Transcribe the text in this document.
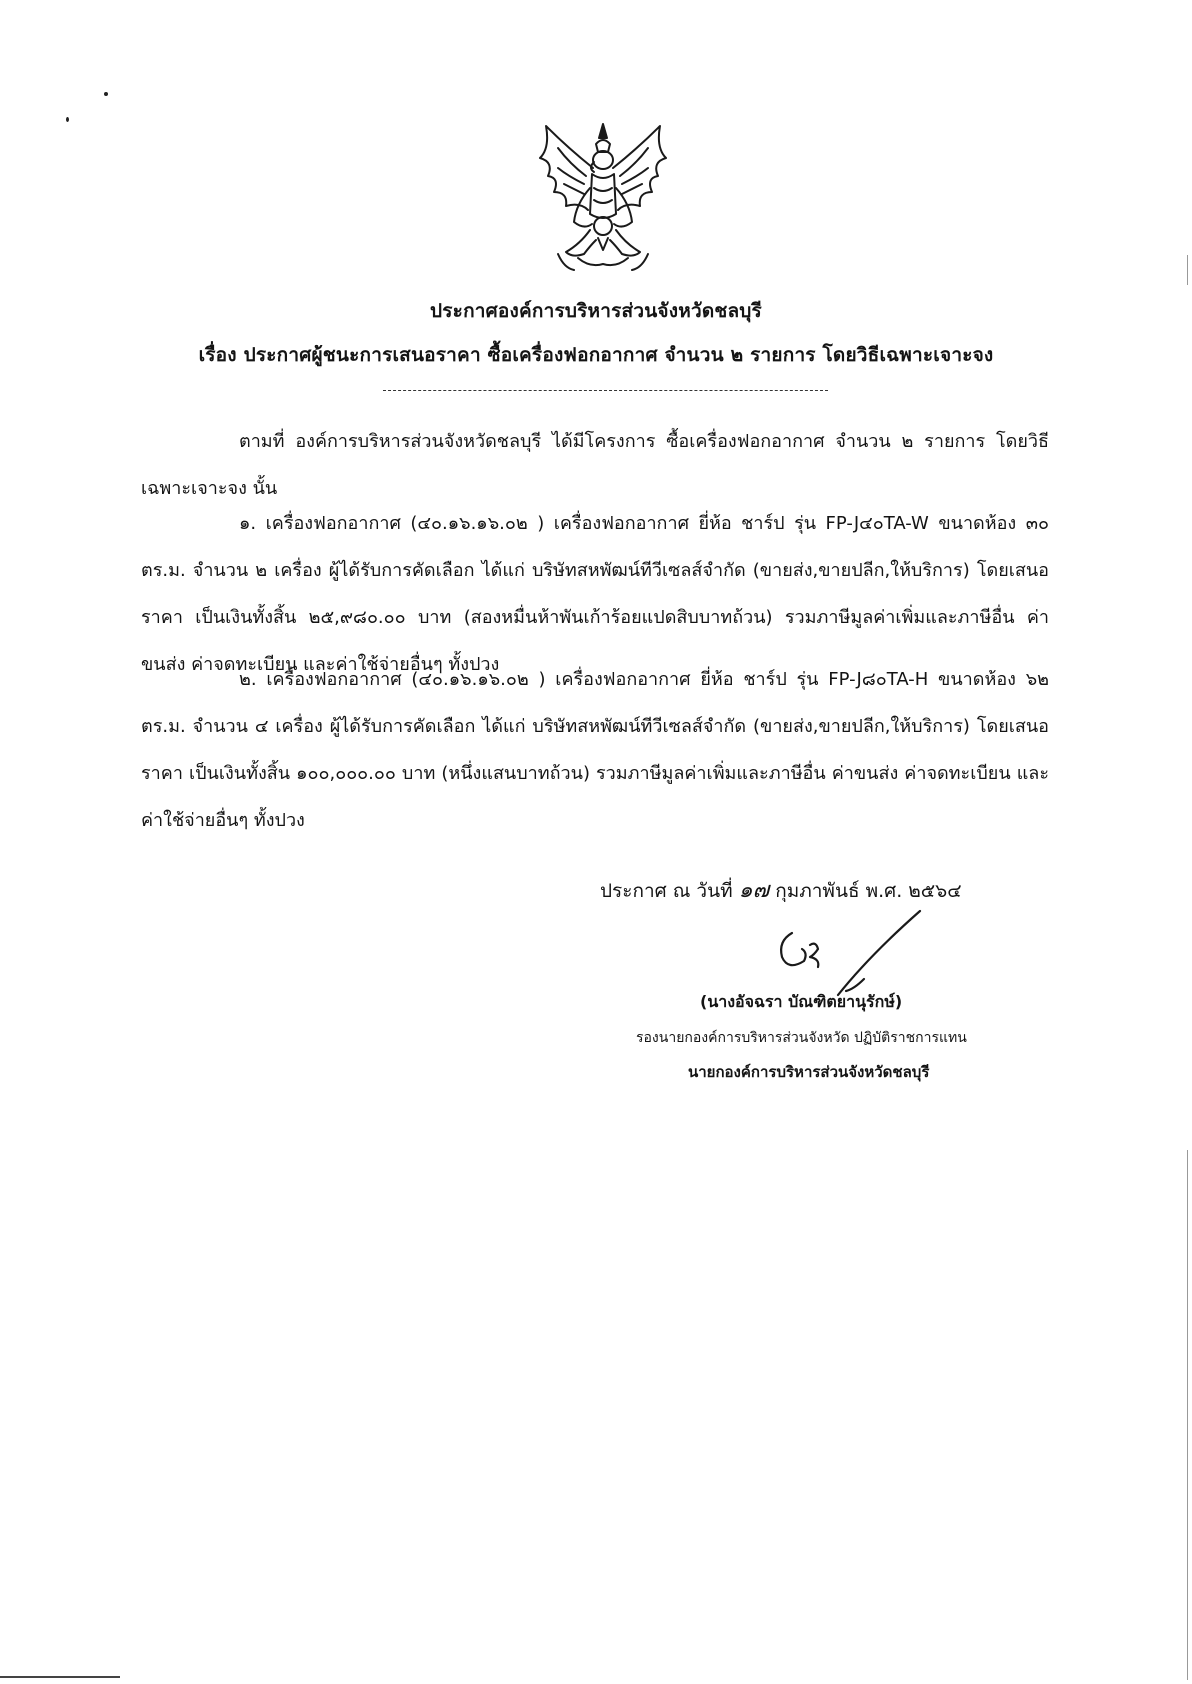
ประกาศองค์การบริหารส่วนจังหวัดชลบุรี
เรื่อง ประกาศผู้ชนะการเสนอราคา ซื้อเครื่องฟอกอากาศ จำนวน ๒ รายการ โดยวิธีเฉพาะเจาะจง
ตามที่ องค์การบริหารส่วนจังหวัดชลบุรี ได้มีโครงการ ซื้อเครื่องฟอกอากาศ จำนวน ๒ รายการ โดยวิธีเฉพาะเจาะจง นั้น
๑. เครื่องฟอกอากาศ (๔๐.๑๖.๑๖.๐๒ ) เครื่องฟอกอากาศ ยี่ห้อ ชาร์ป รุ่น FP-J๔๐TA-W ขนาดห้อง ๓๐ ตร.ม. จำนวน ๒ เครื่อง ผู้ได้รับการคัดเลือก ได้แก่ บริษัทสหพัฒน์ทีวีเซลส์จำกัด (ขายส่ง,ขายปลีก,ให้บริการ) โดยเสนอราคา เป็นเงินทั้งสิ้น ๒๕,๙๘๐.๐๐ บาท (สองหมื่นห้าพันเก้าร้อยแปดสิบบาทถ้วน) รวมภาษีมูลค่าเพิ่มและภาษีอื่น ค่าขนส่ง ค่าจดทะเบียน และค่าใช้จ่ายอื่นๆ ทั้งปวง
๒. เครื่องฟอกอากาศ (๔๐.๑๖.๑๖.๐๒ ) เครื่องฟอกอากาศ ยี่ห้อ ชาร์ป รุ่น FP-J๘๐TA-H ขนาดห้อง ๖๒ ตร.ม. จำนวน ๔ เครื่อง ผู้ได้รับการคัดเลือก ได้แก่ บริษัทสหพัฒน์ทีวีเซลส์จำกัด (ขายส่ง,ขายปลีก,ให้บริการ) โดยเสนอราคา เป็นเงินทั้งสิ้น ๑๐๐,๐๐๐.๐๐ บาท (หนึ่งแสนบาทถ้วน) รวมภาษีมูลค่าเพิ่มและภาษีอื่น ค่าขนส่ง ค่าจดทะเบียน และค่าใช้จ่ายอื่นๆ ทั้งปวง
ประกาศ ณ วันที่ ๑๗ กุมภาพันธ์ พ.ศ. ๒๕๖๔
(นางอัจฉรา บัณฑิตยานุรักษ์)
รองนายกองค์การบริหารส่วนจังหวัด ปฏิบัติราชการแทน
นายกองค์การบริหารส่วนจังหวัดชลบุรี
